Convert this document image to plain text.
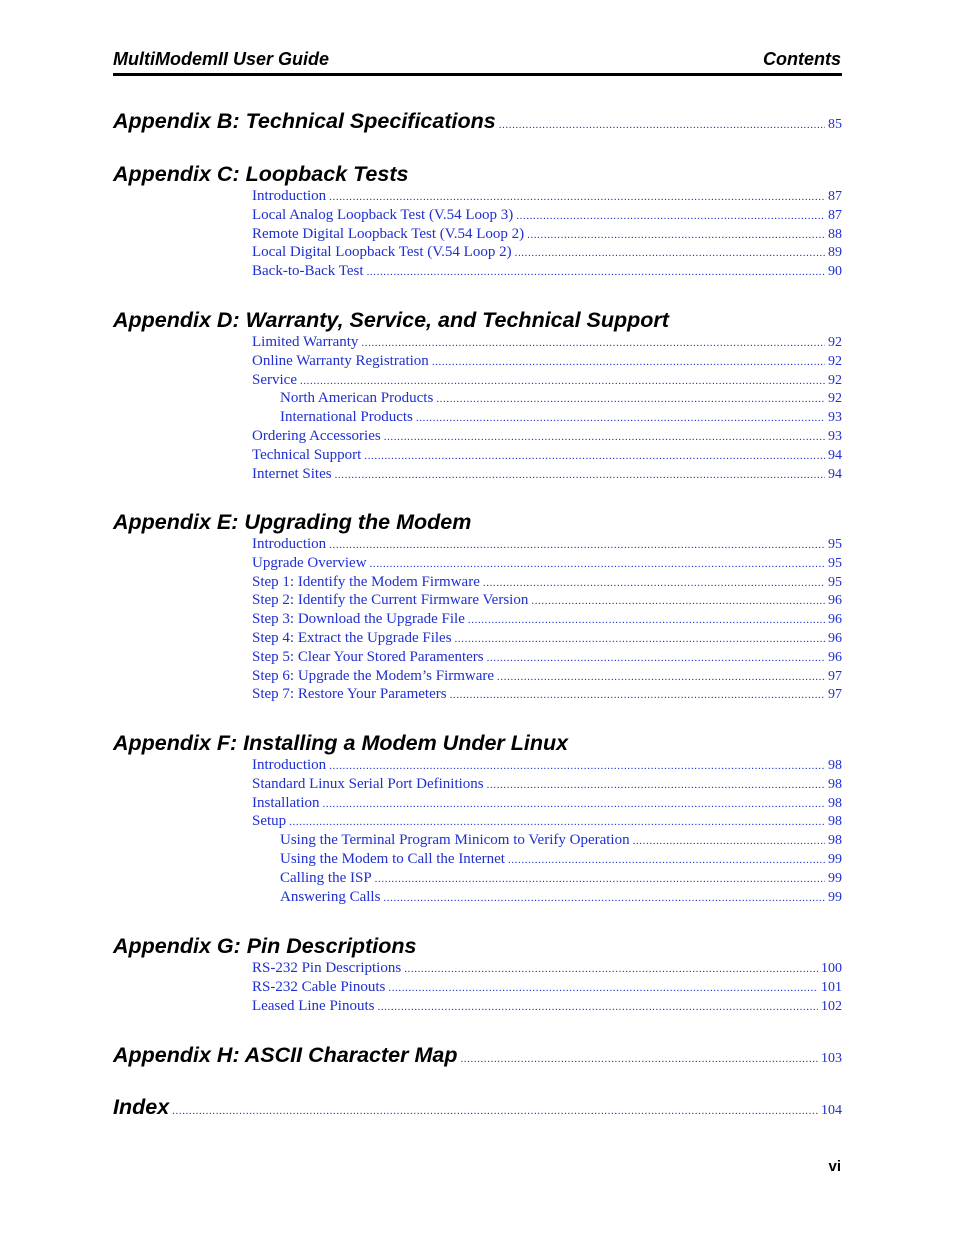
MultiModemII User Guide	Contents
Appendix B: Technical Specifications .....	85
Appendix C: Loopback Tests
Introduction .....	87
Local Analog Loopback Test (V.54 Loop 3) .....	87
Remote Digital Loopback Test (V.54 Loop 2) .....	88
Local Digital Loopback Test (V.54 Loop 2) .....	89
Back-to-Back Test .....	90
Appendix D: Warranty, Service, and Technical Support
Limited Warranty .....	92
Online Warranty Registration .....	92
Service .....	92
North American Products .....	92
International Products .....	93
Ordering Accessories .....	93
Technical Support .....	94
Internet Sites .....	94
Appendix E: Upgrading the Modem
Introduction .....	95
Upgrade Overview .....	95
Step 1: Identify the Modem Firmware .....	95
Step 2: Identify the Current Firmware Version .....	96
Step 3: Download the Upgrade File .....	96
Step 4: Extract the Upgrade Files .....	96
Step 5: Clear Your Stored Paramenters .....	96
Step 6: Upgrade the Modem’s Firmware .....	97
Step 7: Restore Your Parameters .....	97
Appendix F: Installing a Modem Under Linux
Introduction .....	98
Standard Linux Serial Port Definitions .....	98
Installation .....	98
Setup .....	98
Using the Terminal Program Minicom to Verify Operation .....	98
Using the Modem to Call the Internet .....	99
Calling the ISP .....	99
Answering Calls .....	99
Appendix G: Pin Descriptions
RS-232 Pin Descriptions .....	100
RS-232 Cable Pinouts .....	101
Leased Line Pinouts .....	102
Appendix H: ASCII Character Map .....	103
Index .....	104
vi
